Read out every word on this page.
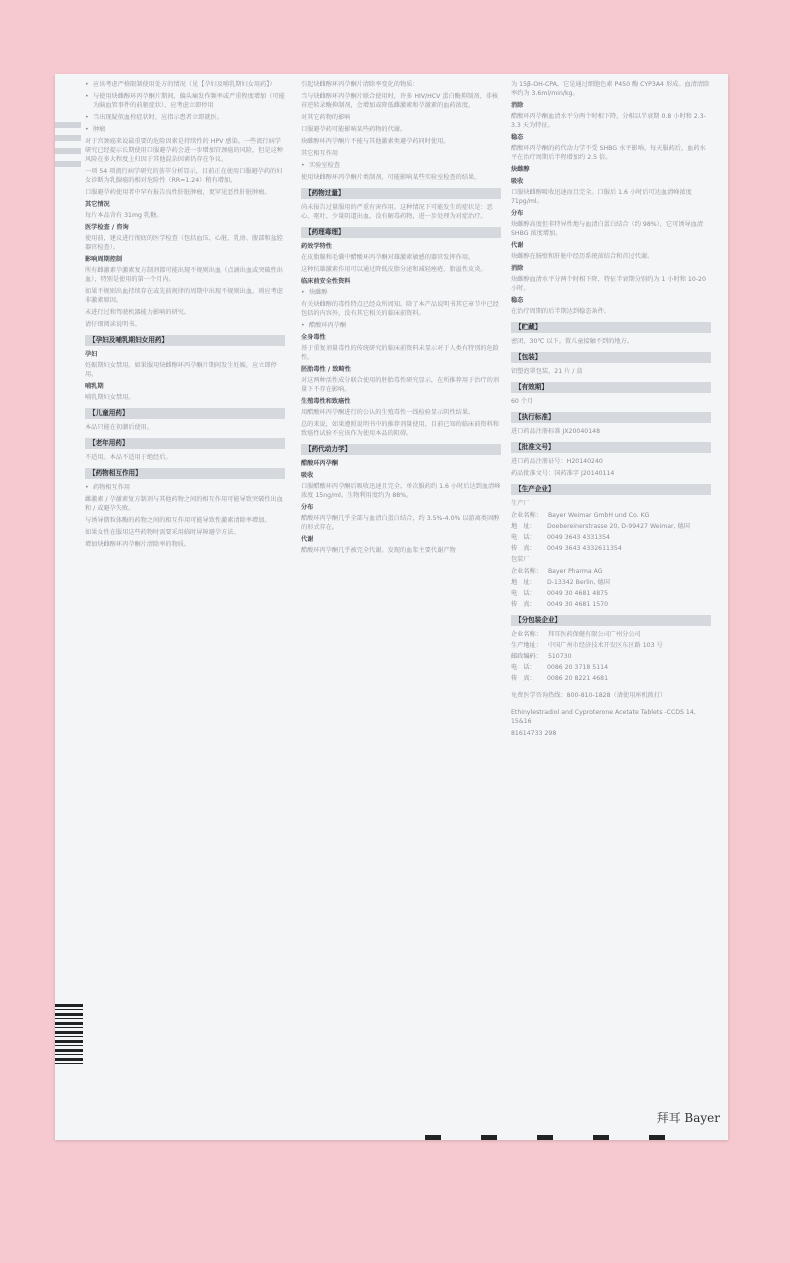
• 应该考虑严格限制使用处方的情况（见【孕妇及哺乳期妇女用药】）
• 与使用炔雌醇环丙孕酮片期间，偏头痛发作频率或严重程度增加（可能为脑血管事件的前驱症状），应考虑立即停用
• 当出现疑似血栓症状时，应指示患者立即就医。
• 肿瘤
对于宫颈癌来说最重要的危险因素是持续性的 HPV 感染。一些流行病学研究已经提示长期使用口服避孕药会进一步增加宫颈癌的风险，但是这种风险在多大程度上归因于其他混杂因素仍存在争议。
一项 54 项流行病学研究的荟萃分析显示，目前正在使用口服避孕药的妇女诊断为乳腺癌的相对危险性（RR=1.24）稍有增加。
口服避孕药使用者中罕有报告良性肝脏肿瘤，更罕见恶性肝脏肿瘤。
其它情况
每片本品含有 31mg 乳糖。
医学检查 / 咨询
使用前，建议进行彻底的医学检查（包括血压、心脏、乳房、腹部和盆腔器官检查）。
影响周期控制
所有雌激素孕激素复方制剂都可能出现不规则出血（点滴出血或突破性出血），特别是使用的第一个月内。
如果不规则出血持续存在或先前规律的周期中出现不规则出血，则应考虑非激素原因。
未进行过和驾驶机器能力影响的研究。
请仔细阅读说明书。
【孕妇及哺乳期妇女用药】
孕妇
妊娠期妇女禁用。如果服用炔雌醇环丙孕酮片期间发生妊娠，应立即停用。
哺乳期
哺乳期妇女禁用。
【儿童用药】
本品只能在初潮后使用。
【老年用药】
不适用。本品不适用于绝经后。
【药物相互作用】
• 药物相互作用
雌激素 / 孕激素复方制剂与其他药物之间的相互作用可能导致突破性出血和 / 或避孕失败。
与诱导微粒体酶的药物之间的相互作用可能导致性激素清除率增加。
如果女性在服用这些药物时需要采用临时屏障避孕方法。
增加炔雌醇环丙孕酮片清除率的物质。
引起炔雌醇环丙孕酮片清除率变化的物质：
当与炔雌醇环丙孕酮片联合使用时，许多 HIV/HCV 蛋白酶抑制剂、非核苷逆转录酶抑制剂，会增加或降低雌激素和孕激素的血药浓度。
对其它药物的影响
口服避孕药可能影响某些药物的代谢。
炔雌醇环丙孕酮片不能与其他激素类避孕药同时使用。
其它相互作用
• 实验室检查
使用炔雌醇环丙孕酮片类制剂，可能影响某些实验室检查的结果。
【药物过量】
尚未报告过量服用的严重有害作用。这种情况下可能发生的症状是：恶心、呕吐、少量阴道出血。没有解毒药物，进一步处理为对症治疗。
【药理毒理】
药效学特性
在皮脂腺和毛囊中醋酸环丙孕酮对雄激素敏感的器官发挥作用。
这种抗雄激素作用可以通过降低皮脂分泌和减轻痤疮、脂溢性皮炎。
临床前安全性资料
• 炔雌醇
有关炔雌醇的毒性特点已经众所周知。除了本产品说明书其它章节中已经包括的内容外，没有其它相关的临床前资料。
• 醋酸环丙孕酮
全身毒性
基于重复剂量毒性的传统研究的临床前资料未显示对于人类有特别的危险性。
胚胎毒性 / 致畸性
对这两种活性成分联合使用的胚胎毒性研究显示，在所推荐用于治疗的剂量下不存在影响。
生殖毒性和致癌性
用醋酸环丙孕酮进行的公认的生殖毒性一线检验显示阴性结果。
总的来说，如果遵照说明书中的推荐剂量使用，目前已知的临床前资料和致癌性试验不应该作为使用本品的阻碍。
【药代动力学】
醋酸环丙孕酮
吸收
口服醋酸环丙孕酮后吸收迅速且完全。单次服药约 1.6 小时后达到血清峰浓度 15ng/ml。生物利用度约为 88%。
分布
醋酸环丙孕酮几乎全部与血清白蛋白结合，约 3.5%-4.0% 以游离类固醇的形式存在。
代谢
醋酸环丙孕酮几乎被完全代谢。发现的血浆主要代谢产物
为 15β-OH-CPA，它是通过细胞色素 P450 酶 CYP3A4 形成。血清清除率约为 3.6ml/min/kg。
消除
醋酸环丙孕酮血清水平分两个时相下降，分相以半衰期 0.8 小时和 2.3-3.3 天为特征。
稳态
醋酸环丙孕酮的药代动力学不受 SHBG 水平影响。每天服药后，血药水平在治疗周期后半程增加约 2.5 倍。
炔雌醇
吸收
口服炔雌醇吸收迅速而且完全。口服后 1.6 小时后可达血清峰浓度 71pg/ml。
分布
炔雌醇高度但非特异性地与血清白蛋白结合（约 98%），它可诱导血清 SHBG 浓度增加。
代谢
炔雌醇在肠壁和肝脏中经历系统前结合和首过代谢。
消除
炔雌醇血清水平分两个时相下降，特征半衰期分别约为 1 小时和 10-20 小时。
稳态
在治疗周期的后半期达到稳态条件。
【贮藏】
密闭，30℃ 以下。置儿童接触不到的地方。
【包装】
铝塑泡罩包装，21 片 / 盒
【有效期】
60 个月
【执行标准】
进口药品注册标准 JX20040148
【批准文号】
进口药品注册证号：H20140240
药品批准文号：国药准字 J20140114
【生产企业】
生产厂
企业名称： Bayer Weimar GmbH und Co. KG
地　址：	Doebereinerstrasse 20, D-99427 Weimar, 德国
电　话：	0049 3643 4331354
传　真：	0049 3643 4332611354
包装厂
企业名称： Bayer Pharma AG
地　址：	D-13342 Berlin, 德国
电　话：	0049 30 4681 4875
传　真：	0049 30 4681 1570
【分包装企业】
企业名称： 拜耳医药保健有限公司广州分公司
生产地址： 中国广州市经济技术开发区东区路 103 号
邮政编码： 510730
电　话：	0086 20 3718 5114
传　真：	0086 20 8221 4681
免费医学咨询热线：800-810-1828（请使用座机拨打）
Ethinylestradiol and Cyproterone Acetate Tablets -CCDS 14, 15&16
81614733 298
拜耳 Bayer
